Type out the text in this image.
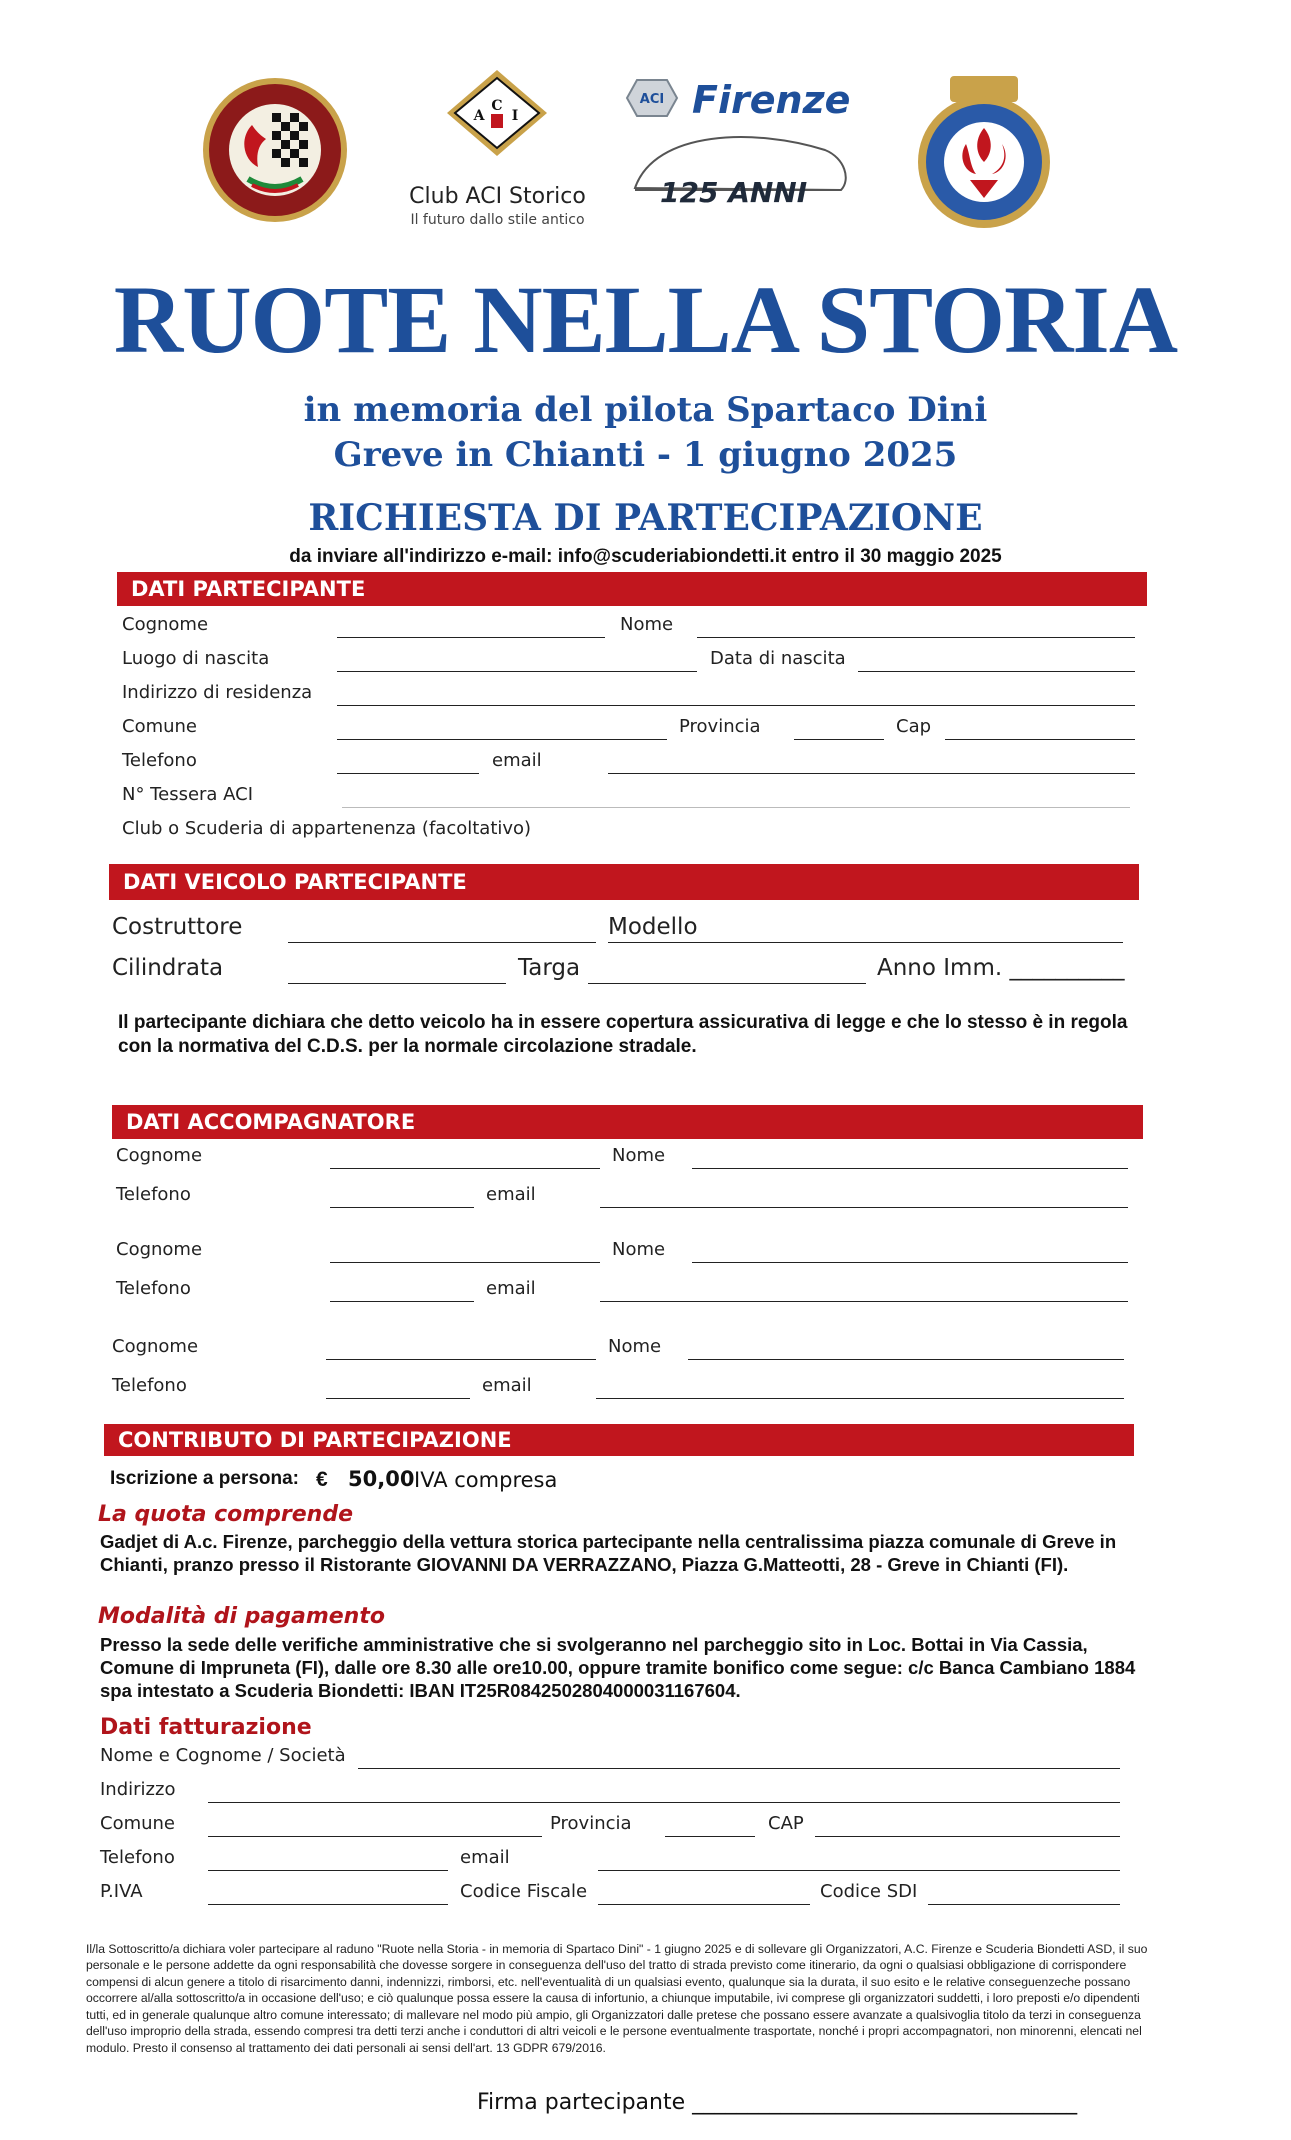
C
A I
Club ACI Storico
Il futuro dallo stile antico
ACI Firenze
125 ANNI
RUOTE NELLA STORIA
in memoria del pilota Spartaco Dini
Greve in Chianti - 1 giugno 2025
RICHIESTA DI PARTECIPAZIONE
da inviare all'indirizzo e-mail: info@scuderiabiondetti.it entro il 30 maggio 2025
DATI PARTECIPANTE
Cognome	Nome
Luogo di nascita	Data di nascita
Indirizzo di residenza
Comune	Provincia	Cap
Telefono	email
N° Tessera ACI
Club o Scuderia di appartenenza (facoltativo)
DATI VEICOLO PARTECIPANTE
Costruttore	Modello
Cilindrata	Targa	Anno Imm. __________
Il partecipante dichiara che detto veicolo ha in essere copertura assicurativa di legge e che lo stesso è in regola con la normativa del C.D.S. per la normale circolazione stradale.
DATI ACCOMPAGNATORE
Cognome	Nome
Telefono	email
Cognome	Nome
Telefono	email
Cognome	Nome
Telefono	email
CONTRIBUTO DI PARTECIPAZIONE
Iscrizione a persona: € 50,00 IVA compresa
La quota comprende
Gadjet di A.c. Firenze, parcheggio della vettura storica partecipante nella centralissima piazza comunale di Greve in Chianti, pranzo presso il Ristorante GIOVANNI DA VERRAZZANO, Piazza G.Matteotti, 28 - Greve in Chianti (FI).
Modalità di pagamento
Presso la sede delle verifiche amministrative che si svolgeranno nel parcheggio sito in Loc. Bottai in Via Cassia, Comune di Impruneta (FI), dalle ore 8.30 alle ore10.00, oppure tramite bonifico come segue: c/c Banca Cambiano 1884 spa intestato a Scuderia Biondetti: IBAN IT25R0842502804000031167604.
Dati fatturazione
Nome e Cognome / Società
Indirizzo
Comune	Provincia	CAP
Telefono	email
P.IVA	Codice Fiscale	Codice SDI
Il/la Sottoscritto/a dichiara voler partecipare al raduno "Ruote nella Storia - in memoria di Spartaco Dini" - 1 giugno 2025 e di sollevare gli Organizzatori, A.C. Firenze e Scuderia Biondetti ASD, il suo personale e le persone addette da ogni responsabilità che dovesse sorgere in conseguenza dell'uso del tratto di strada previsto come itinerario, da ogni o qualsiasi obbligazione di corrispondere compensi di alcun genere a titolo di risarcimento danni, indennizzi, rimborsi, etc. nell'eventualità di un qualsiasi evento, qualunque sia la durata, il suo esito e le relative conseguenzeche possano occorrere al/alla sottoscritto/a in occasione dell'uso; e ciò qualunque possa essere la causa di infortunio, a chiunque imputabile, ivi comprese gli organizzatori suddetti, i loro preposti e/o dipendenti tutti, ed in generale qualunque altro comune interessato; di mallevare nel modo più ampio, gli Organizzatori dalle pretese che possano essere avanzate a qualsivoglia titolo da terzi in conseguenza dell'uso improprio della strada, essendo compresi tra detti terzi anche i conduttori di altri veicoli e le persone eventualmente trasportate, nonché i propri accompagnatori, non minorenni, elencati nel modulo. Presto il consenso al trattamento dei dati personali ai sensi dell'art. 13 GDPR 679/2016.
Firma partecipante ___________________________________
